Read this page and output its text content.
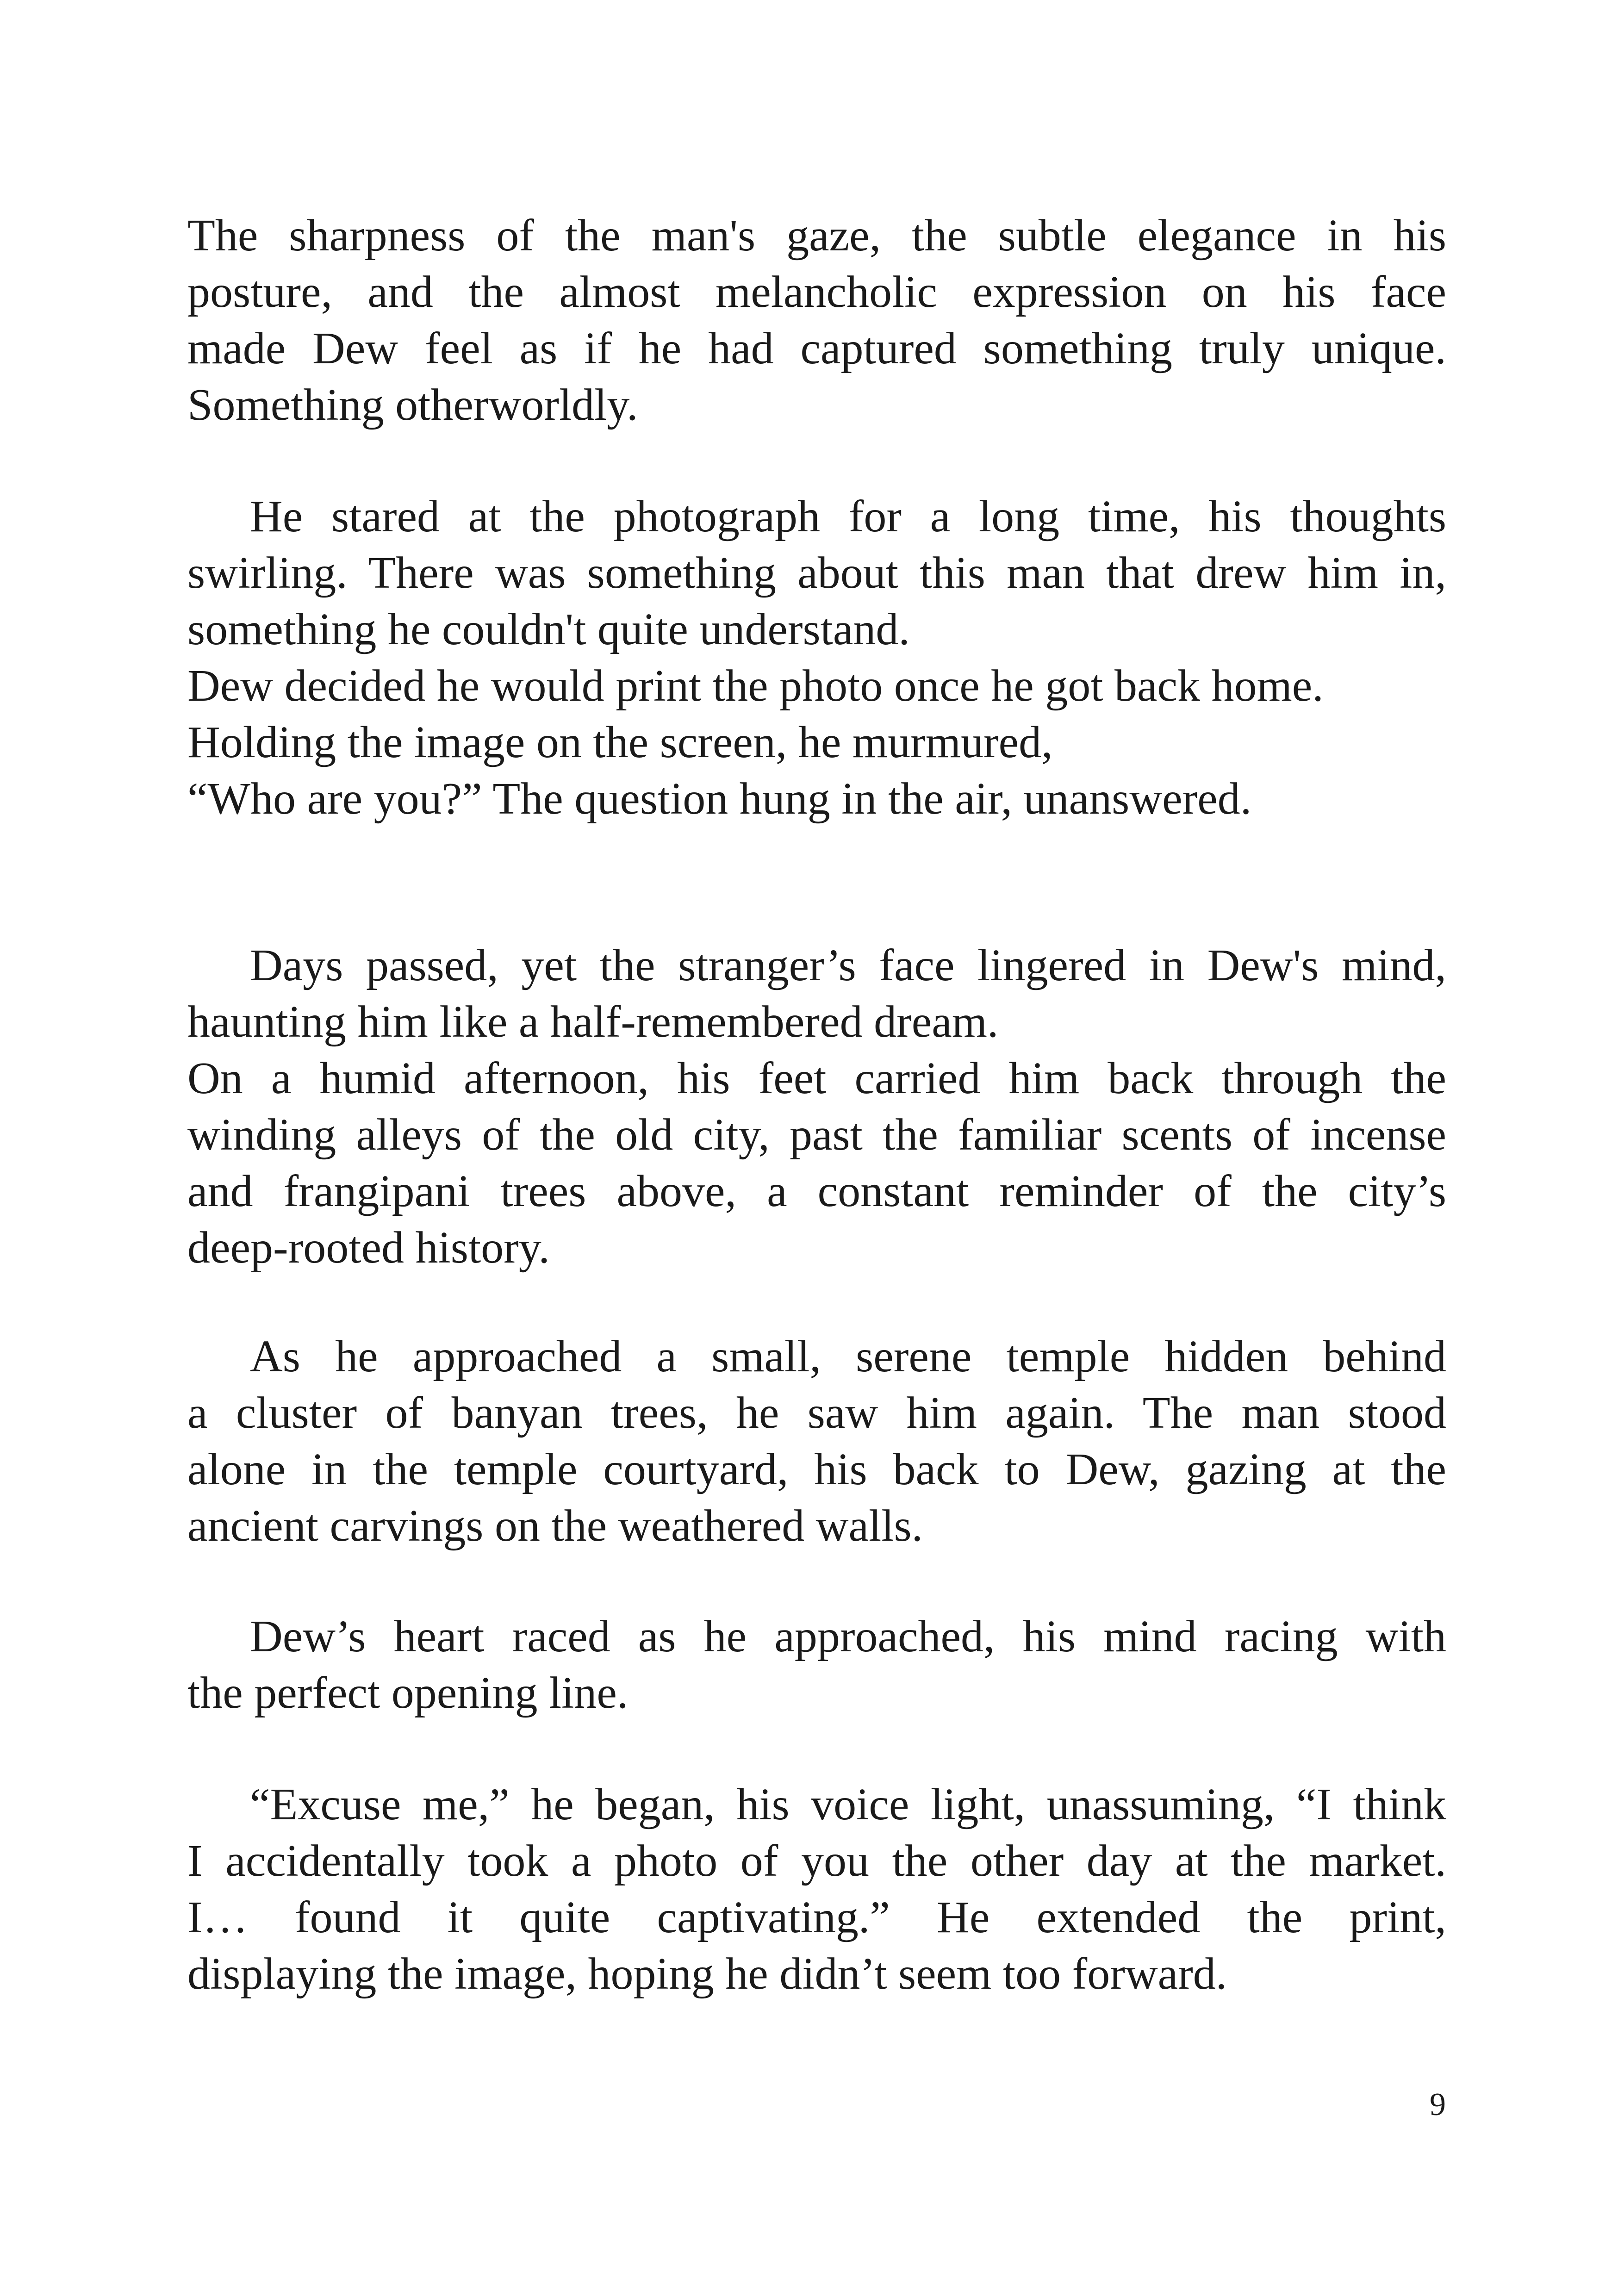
The sharpness of the man's gaze, the subtle elegance in his
posture, and the almost melancholic expression on his face
made Dew feel as if he had captured something truly unique.
Something otherworldly.
He stared at the photograph for a long time, his thoughts
swirling. There was something about this man that drew him in,
something he couldn't quite understand.
Dew decided he would print the photo once he got back home.
Holding the image on the screen, he murmured,
“Who are you?” The question hung in the air, unanswered.
Days passed, yet the stranger’s face lingered in Dew's mind,
haunting him like a half-remembered dream.
On a humid afternoon, his feet carried him back through the
winding alleys of the old city, past the familiar scents of incense
and frangipani trees above, a constant reminder of the city’s
deep-rooted history.
As he approached a small, serene temple hidden behind
a cluster of banyan trees, he saw him again. The man stood
alone in the temple courtyard, his back to Dew, gazing at the
ancient carvings on the weathered walls.
Dew’s heart raced as he approached, his mind racing with
the perfect opening line.
“Excuse me,” he began, his voice light, unassuming, “I think
I accidentally took a photo of you the other day at the market.
I… found it quite captivating.” He extended the print,
displaying the image, hoping he didn’t seem too forward.
9
